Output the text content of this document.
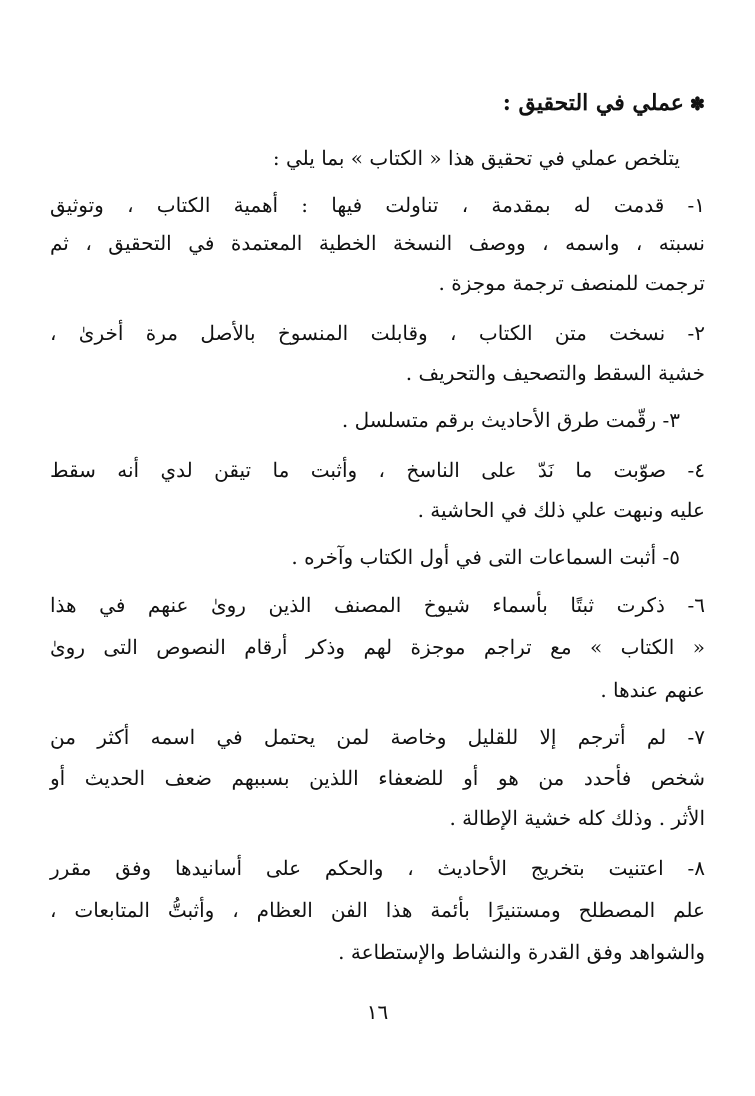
✽عملي في التحقيق :
يتلخص عملي في تحقيق هذا « الكتاب » بما يلي :
١- قدمت له بمقدمة ، تناولت فيها : أهمية الكتاب ، وتوثيق
نسبته ، واسمه ، ووصف النسخة الخطية المعتمدة في التحقيق ، ثم
ترجمت للمنصف ترجمة موجزة .
٢- نسخت متن الكتاب ، وقابلت المنسوخ بالأصل مرة أخرىٰ ،
خشية السقط والتصحيف والتحريف .
٣- رقّمت طرق الأحاديث برقم متسلسل .
٤- صوّبت ما نَدّ على الناسخ ، وأثبت ما تيقن لدي أنه سقط
عليه ونبهت علي ذلك في الحاشية .
٥- أثبت السماعات التى في أول الكتاب وآخره .
٦- ذكرت ثبتًا بأسماء شيوخ المصنف الذين روىٰ عنهم في هذا
« الكتاب » مع تراجم موجزة لهم وذكر أرقام النصوص التى روىٰ
عنهم عندها .
٧- لم أترجم إلا للقليل وخاصة لمن يحتمل في اسمه أكثر من
شخص فأحدد من هو أو للضعفاء اللذين بسببهم ضعف الحديث أو
الأثر . وذلك كله خشية الإطالة .
٨- اعتنيت بتخريج الأحاديث ، والحكم على أسانيدها وفق مقرر
علم المصطلح ومستنيرًا بأئمة هذا الفن العظام ، وأثبتُّ المتابعات ،
والشواهد وفق القدرة والنشاط والإستطاعة .
١٦
